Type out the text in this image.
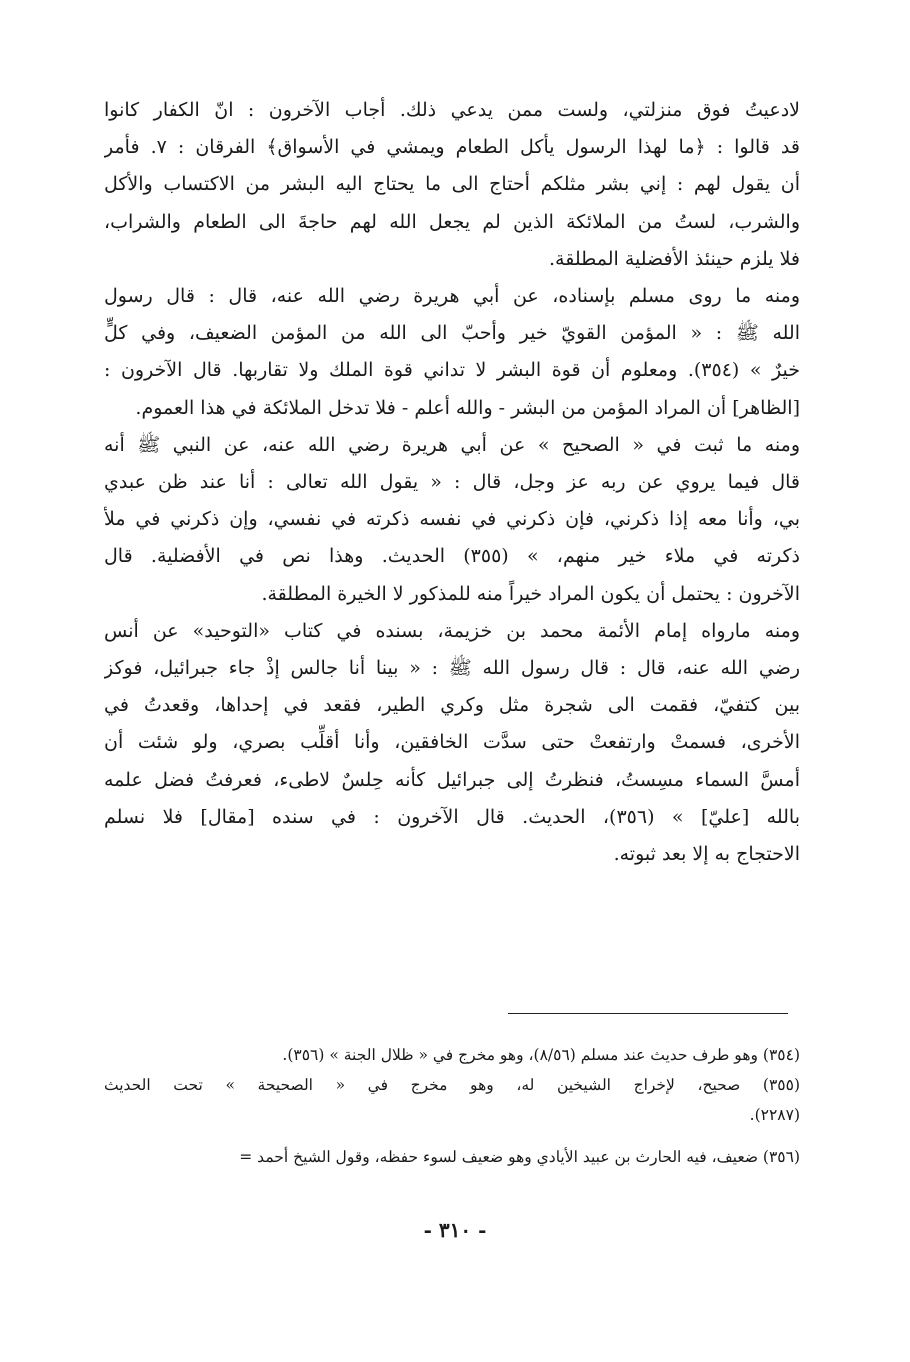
لادعيتُ فوق منزلتي، ولست ممن يدعي ذلك. أجاب الآخرون : انّ الكفار كانوا
قد قالوا : ﴿ما لهذا الرسول يأكل الطعام ويمشي في الأسواق﴾ الفرقان : ٧. فأمر
أن يقول لهم : إني بشر مثلكم أحتاج الى ما يحتاج اليه البشر من الاكتساب والأكل
والشرب، لستُ من الملائكة الذين لم يجعل الله لهم حاجةَ الى الطعام والشراب،
فلا يلزم حينئذ الأفضلية المطلقة.
ومنه ما روى مسلم بإسناده، عن أبي هريرة رضي الله عنه، قال : قال رسول
الله ﷺ : « المؤمن القويّ خير وأحبّ الى الله من المؤمن الضعيف، وفي كلٍّ
خيرٌ » (٣٥٤). ومعلوم أن قوة البشر لا تداني قوة الملك ولا تقاربها. قال الآخرون :
[الظاهر] أن المراد المؤمن من البشر - والله أعلم - فلا تدخل الملائكة في هذا العموم.
ومنه ما ثبت في « الصحيح » عن أبي هريرة رضي الله عنه، عن النبي ﷺ أنه
قال فيما يروي عن ربه عز وجل، قال : « يقول الله تعالى : أنا عند ظن عبدي
بي، وأنا معه إذا ذكرني، فإن ذكرني في نفسه ذكرته في نفسي، وإن ذكرني في ملأ
ذكرته في ملاء خير منهم، » (٣٥٥) الحديث. وهذا نص في الأفضلية. قال
الآخرون : يحتمل أن يكون المراد خيراً منه للمذكور لا الخيرة المطلقة.
ومنه مارواه إمام الأئمة محمد بن خزيمة، بسنده في كتاب «التوحيد» عن أنس
رضي الله عنه، قال : قال رسول الله ﷺ : « بينا أنا جالس إذْ جاء جبرائيل، فوكز
بين كتفيّ، فقمت الى شجرة مثل وكري الطير، فقعد في إحداها، وقعدتُ في
الأخرى، فسمتْ وارتفعتْ حتى سدَّت الخافقين، وأنا أقلِّب بصري، ولو شئت أن
أمسَّ السماء مسِستُ، فنظرتُ إلى جبرائيل كأنه حِلسٌ لاطىء، فعرفتُ فضل علمه
بالله [عليّ] » (٣٥٦)، الحديث. قال الآخرون : في سنده [مقال] فلا نسلم
الاحتجاج به إلا بعد ثبوته.
(٣٥٤) وهو طرف حديث عند مسلم (٨/٥٦)، وهو مخرج في « ظلال الجنة » (٣٥٦).
(٣٥٥) صحيح، لإخراج الشيخين له، وهو مخرج في « الصحيحة » تحت الحديث
(٢٢٨٧).
(٣٥٦) ضعيف، فيه الحارث بن عبيد الأيادي وهو ضعيف لسوء حفظه، وقول الشيخ أحمد =
- ٣١٠ -
